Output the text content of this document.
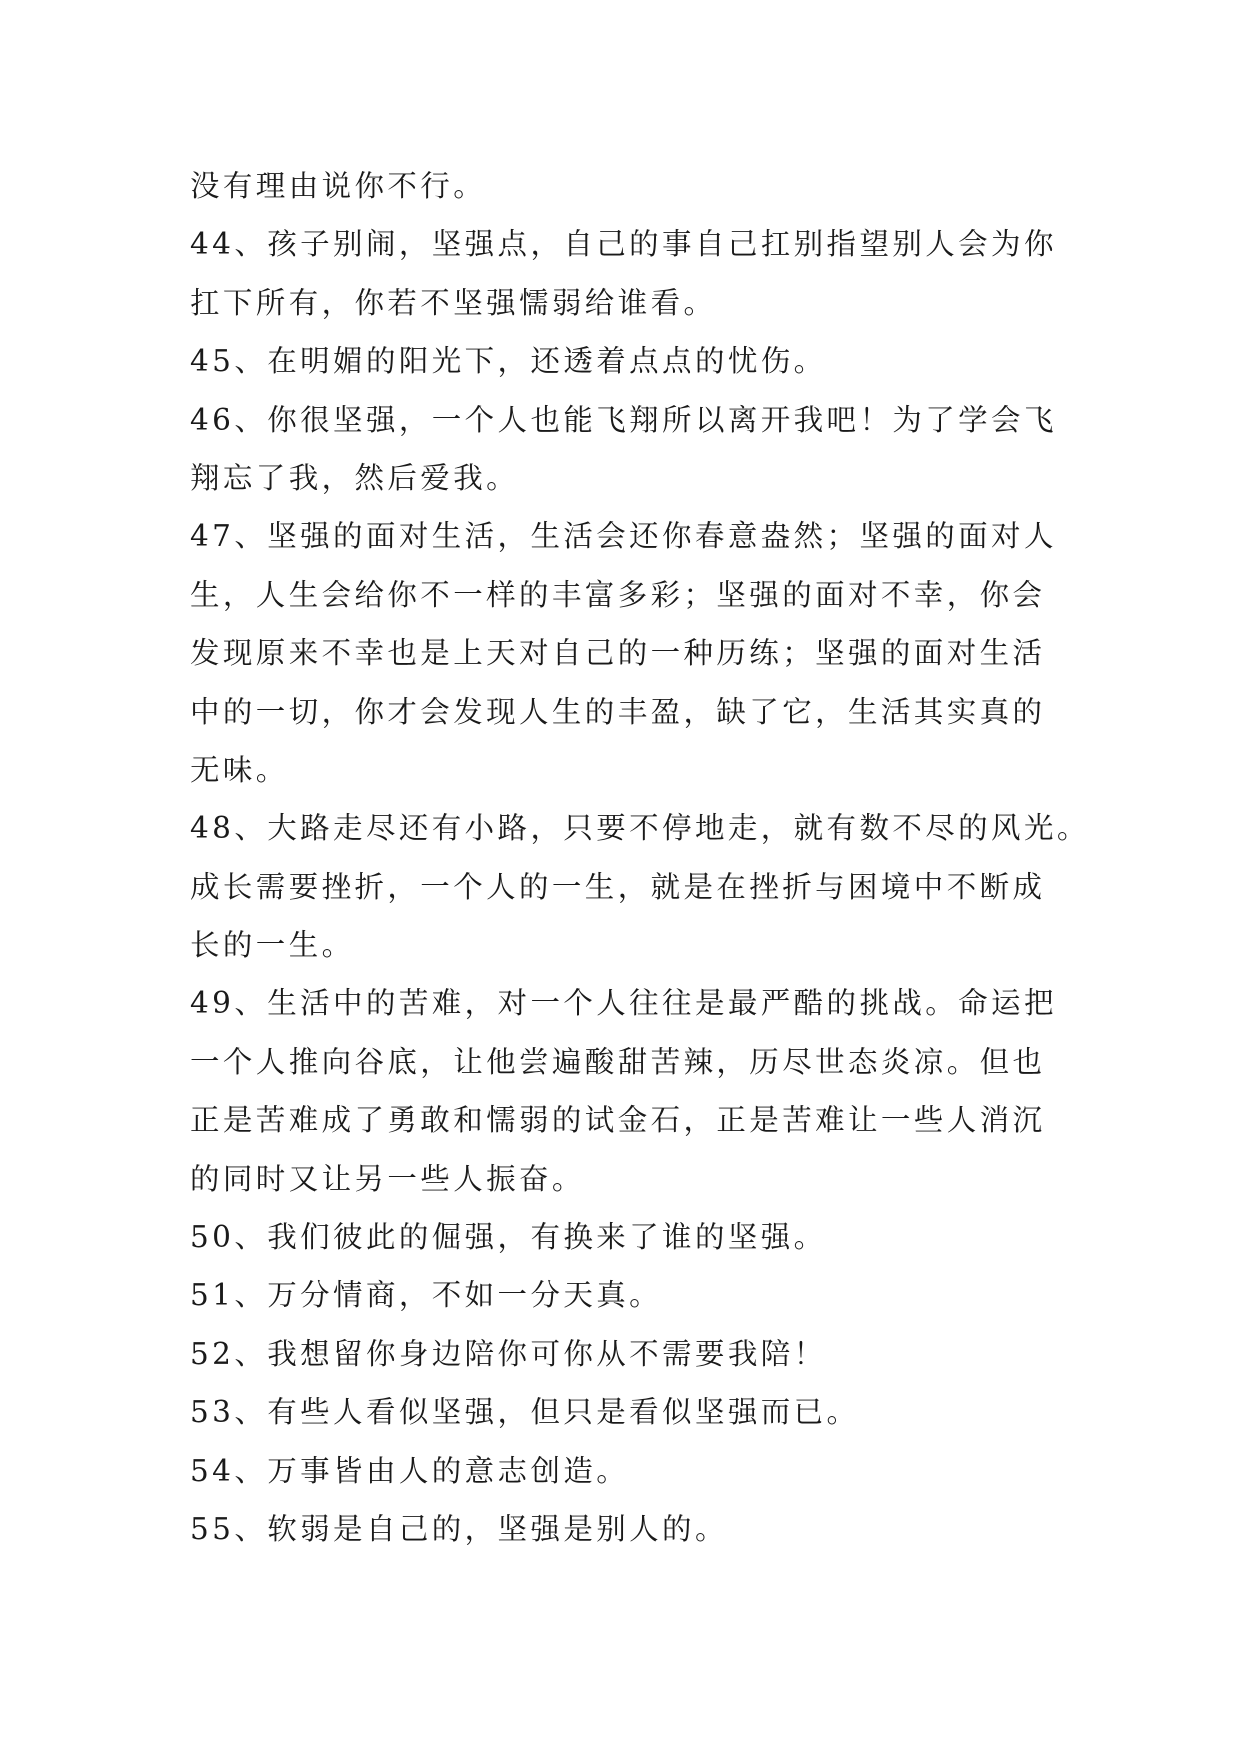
没有理由说你不行。

44、孩子别闹，坚强点，自己的事自己扛别指望别人会为你
扛下所有，你若不坚强懦弱给谁看。

45、在明媚的阳光下，还透着点点的忧伤。

46、你很坚强，一个人也能飞翔所以离开我吧！为了学会飞
翔忘了我，然后爱我。

47、坚强的面对生活，生活会还你春意盎然；坚强的面对人
生，人生会给你不一样的丰富多彩；坚强的面对不幸，你会
发现原来不幸也是上天对自己的一种历练；坚强的面对生活
中的一切，你才会发现人生的丰盈，缺了它，生活其实真的
无味。

48、大路走尽还有小路，只要不停地走，就有数不尽的风光。
成长需要挫折，一个人的一生，就是在挫折与困境中不断成
长的一生。

49、生活中的苦难，对一个人往往是最严酷的挑战。命运把
一个人推向谷底，让他尝遍酸甜苦辣，历尽世态炎凉。但也
正是苦难成了勇敢和懦弱的试金石，正是苦难让一些人消沉
的同时又让另一些人振奋。

50、我们彼此的倔强，有换来了谁的坚强。

51、万分情商，不如一分天真。

52、我想留你身边陪你可你从不需要我陪！

53、有些人看似坚强，但只是看似坚强而已。

54、万事皆由人的意志创造。

55、软弱是自己的，坚强是别人的。
